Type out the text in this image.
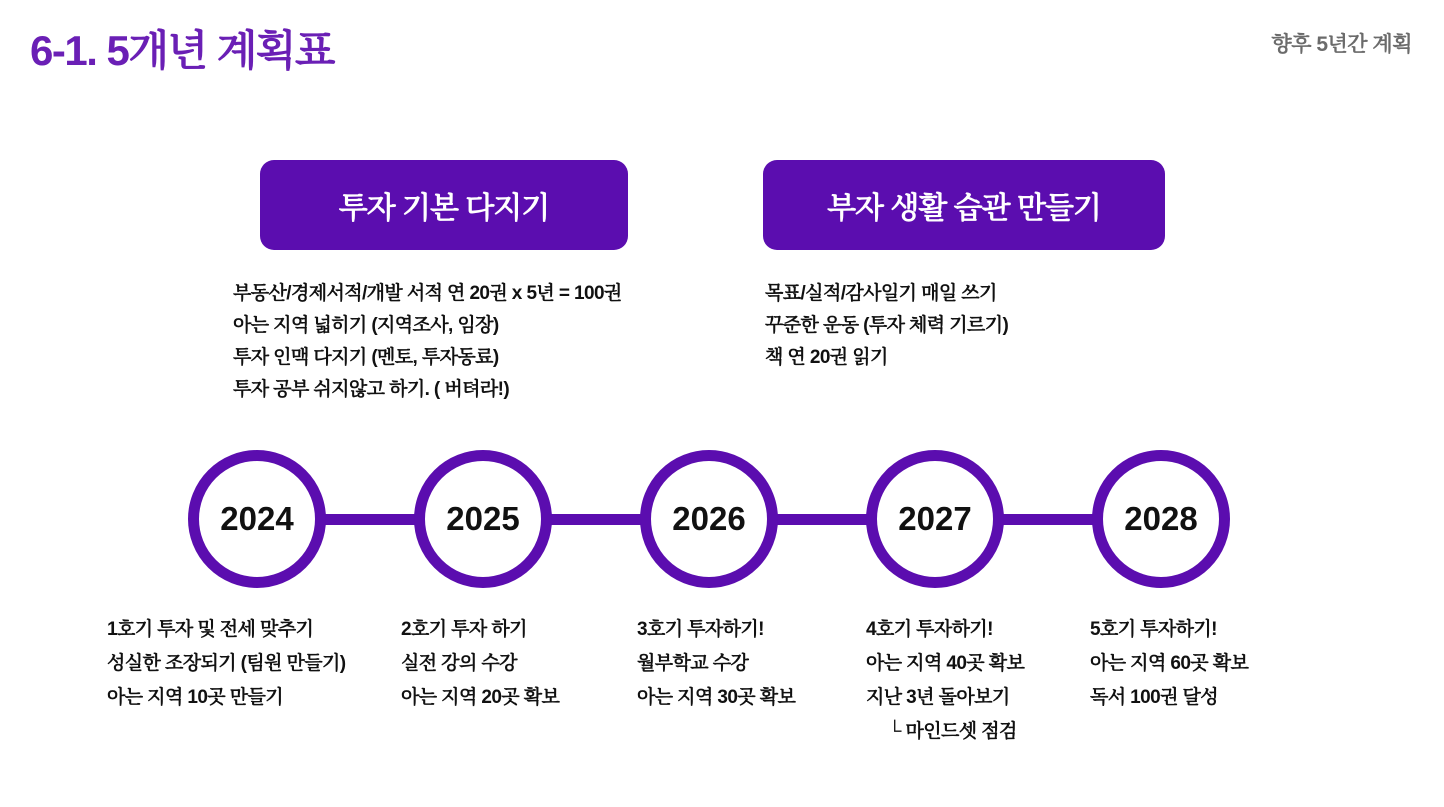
6-1. 5개년 계획표	향후 5년간 계획
투자 기본 다지기
부동산/경제서적/개발 서적 연 20권 x 5년 = 100권
아는 지역 넓히기 (지역조사, 임장)
투자 인맥 다지기 (멘토, 투자동료)
투자 공부 쉬지않고 하기. ( 버텨라!)
부자 생활 습관 만들기
목표/실적/감사일기 매일 쓰기
꾸준한 운동 (투자 체력 기르기)
책 연 20권 읽기
2024	2025	2026	2027	2028
1호기 투자 및 전세 맞추기
성실한 조장되기 (팀원 만들기)
아는 지역 10곳 만들기
2호기 투자 하기
실전 강의 수강
아는 지역 20곳 확보
3호기 투자하기!
월부학교 수강
아는 지역 30곳 확보
4호기 투자하기!
아는 지역 40곳 확보
지난 3년 돌아보기
└ 마인드셋 점검
5호기 투자하기!
아는 지역 60곳 확보
독서 100권 달성
